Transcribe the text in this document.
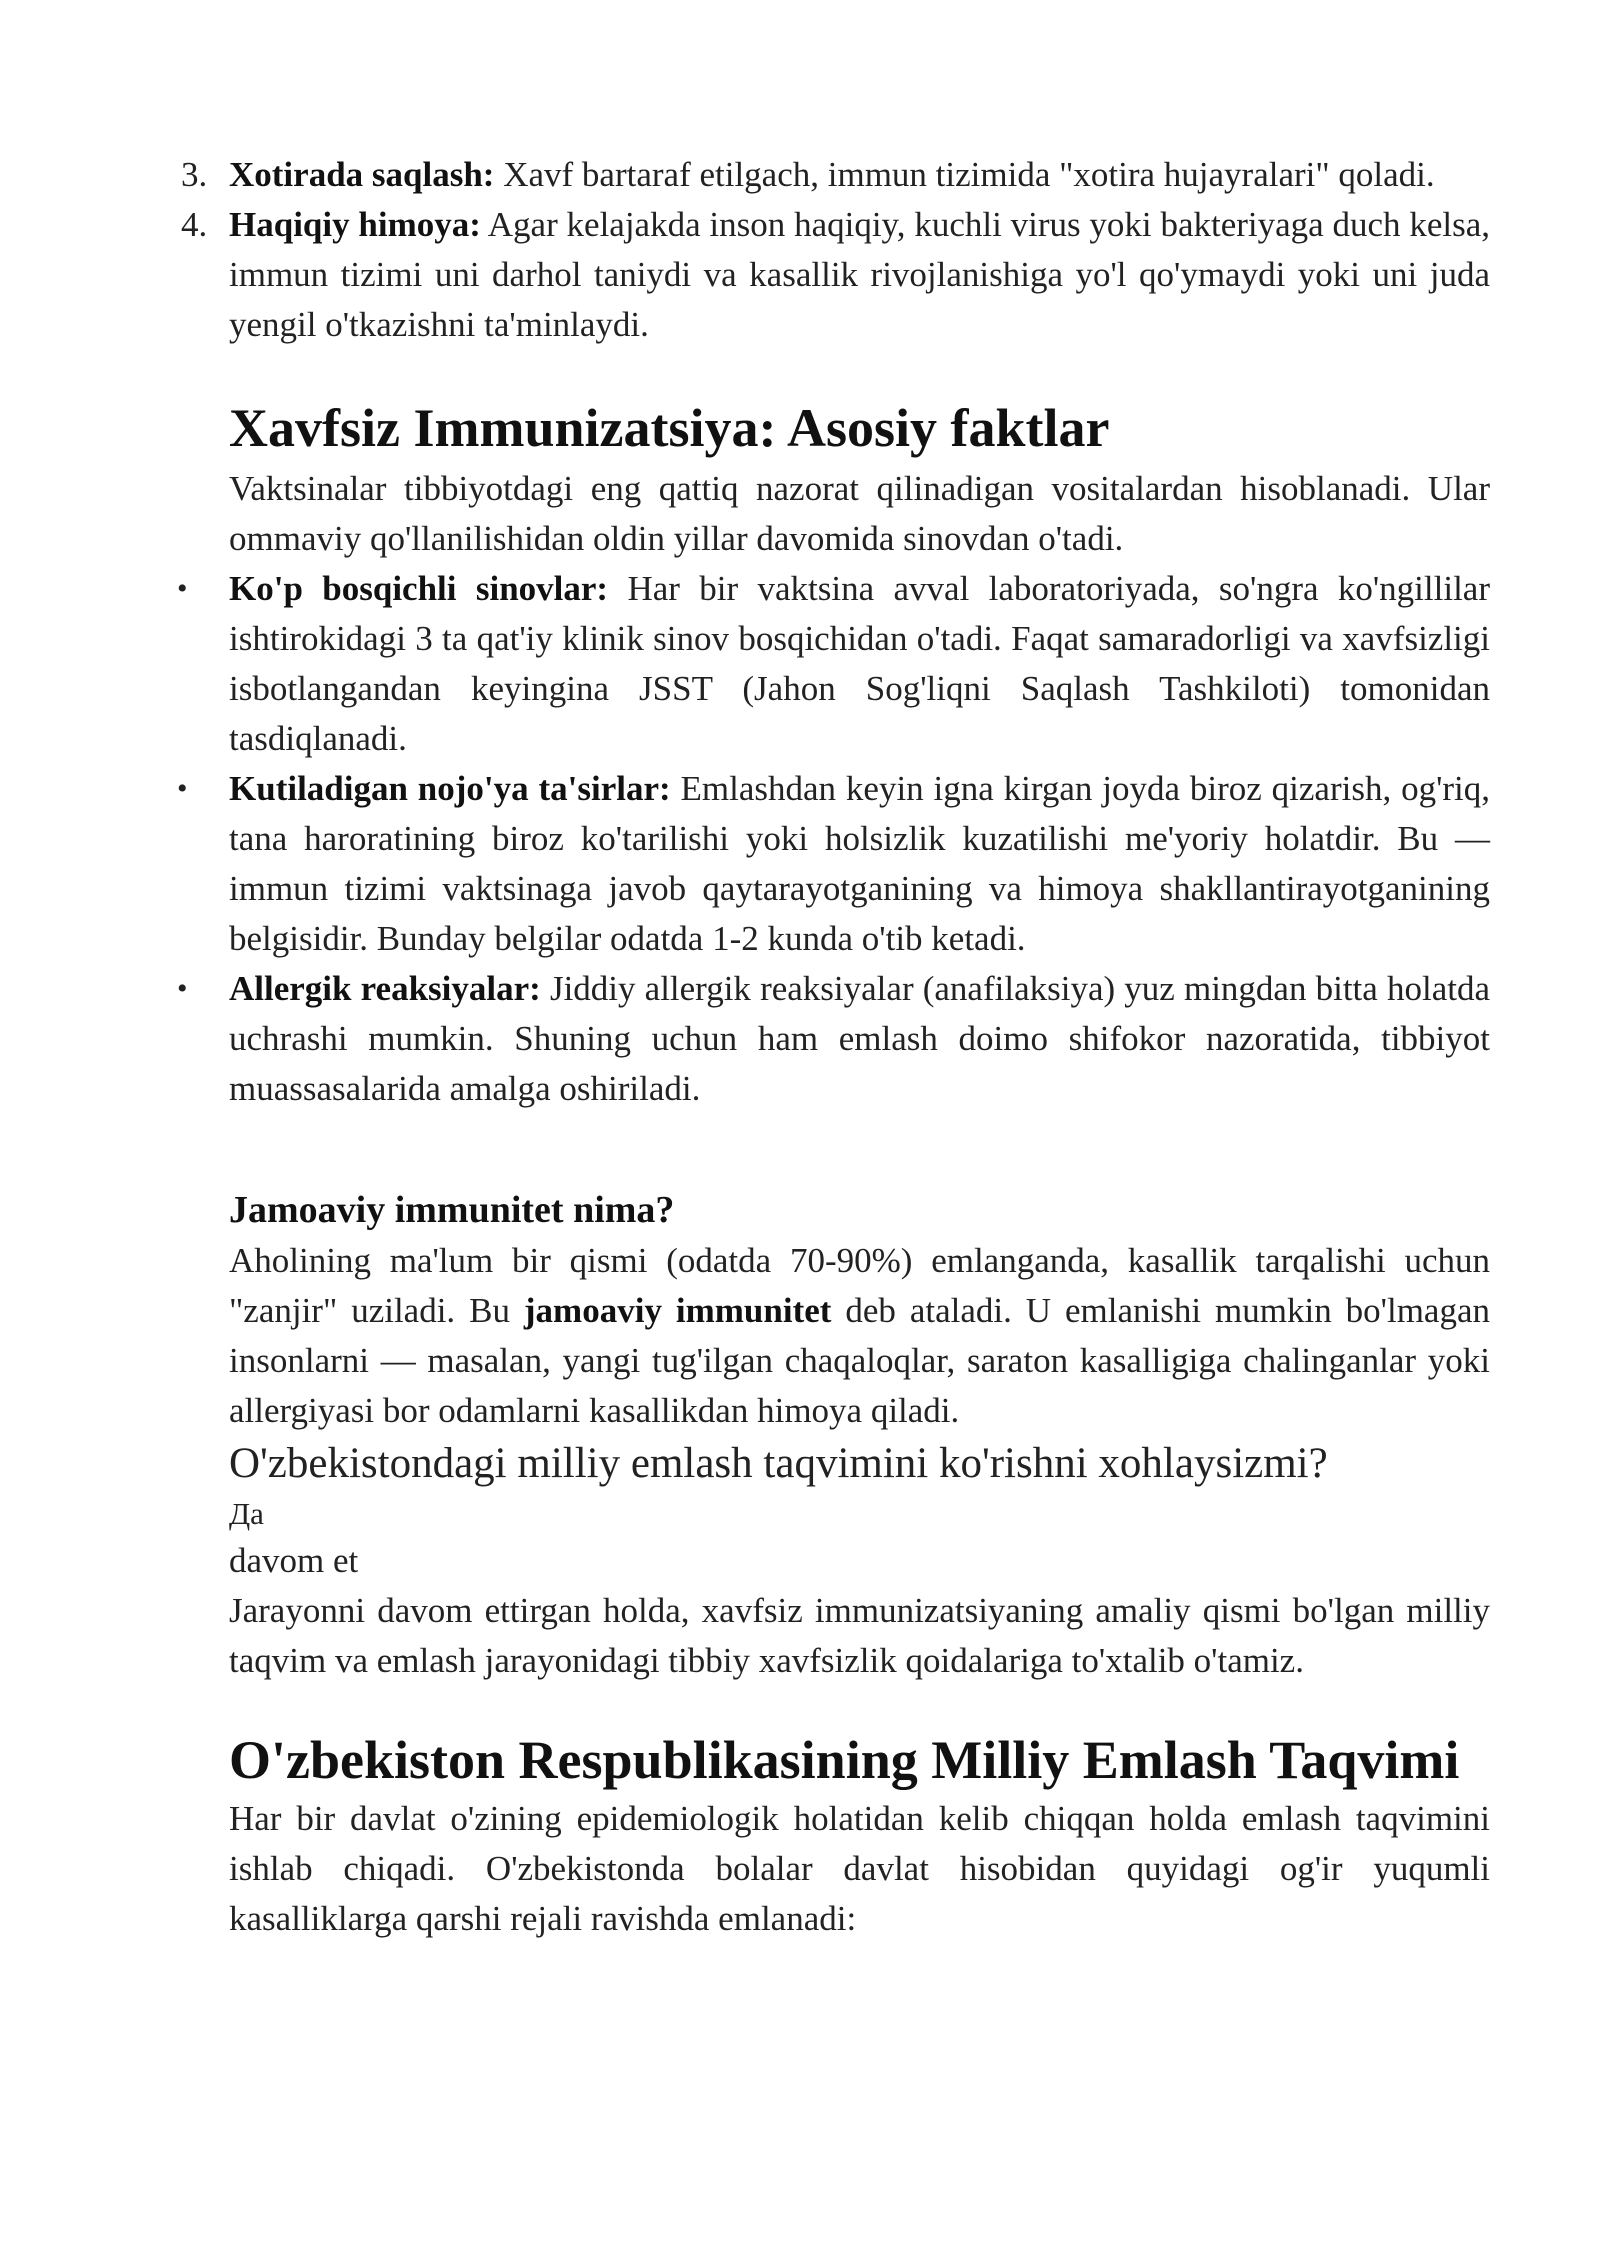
3. Xotirada saqlash: Xavf bartaraf etilgach, immun tizimida "xotira hujayralari" qoladi.
4. Haqiqiy himoya: Agar kelajakda inson haqiqiy, kuchli virus yoki bakteriyaga duch kelsa, immun tizimi uni darhol taniydi va kasallik rivojlanishiga yo'l qo'ymaydi yoki uni juda yengil o'tkazishni ta'minlaydi.
Xavfsiz Immunizatsiya: Asosiy faktlar

Vaktsinalar tibbiyotdagi eng qattiq nazorat qilinadigan vositalardan hisoblanadi. Ular ommaviy qo'llanilishidan oldin yillar davomida sinovdan o'tadi.

•	Ko'p bosqichli sinovlar: Har bir vaktsina avval laboratoriyada, so'ngra ko'ngillilar ishtirokidagi 3 ta qat'iy klinik sinov bosqichidan o'tadi. Faqat samaradorligi va xavfsizligi isbotlangandan keyingina JSST (Jahon Sog'liqni Saqlash Tashkiloti) tomonidan tasdiqlanadi.
•	Kutiladigan nojo'ya ta'sirlar: Emlashdan keyin igna kirgan joyda biroz qizarish, og'riq, tana haroratining biroz ko'tarilishi yoki holsizlik kuzatilishi me'yoriy holatdir. Bu — immun tizimi vaktsinaga javob qaytarayotganining va himoya shakllantirayotganining belgisidir. Bunday belgilar odatda 1-2 kunda o'tib ketadi.
•	Allergik reaksiyalar: Jiddiy allergik reaksiyalar (anafilaksiya) yuz mingdan bitta holatda uchrashi mumkin. Shuning uchun ham emlash doimo shifokor nazoratida, tibbiyot muassasalarida amalga oshiriladi.
Jamoaviy immunitet nima?

Aholining ma'lum bir qismi (odatda 70-90%) emlanganda, kasallik tarqalishi uchun "zanjir" uziladi. Bu jamoaviy immunitet deb ataladi. U emlanishi mumkin bo'lmagan insonlarni — masalan, yangi tug'ilgan chaqaloqlar, saraton kasalligiga chalinganlar yoki allergiyasi bor odamlarni kasallikdan himoya qiladi.

O'zbekistondagi milliy emlash taqvimini ko'rishni xohlaysizmi?

Да

davom et

Jarayonni davom ettirgan holda, xavfsiz immunizatsiyaning amaliy qismi bo'lgan milliy taqvim va emlash jarayonidagi tibbiy xavfsizlik qoidalariga to'xtalib o'tamiz.

O'zbekiston Respublikasining Milliy Emlash Taqvimi

Har bir davlat o'zining epidemiologik holatidan kelib chiqqan holda emlash taqvimini ishlab chiqadi. O'zbekistonda bolalar davlat hisobidan quyidagi og'ir yuqumli kasalliklarga qarshi rejali ravishda emlanadi:
